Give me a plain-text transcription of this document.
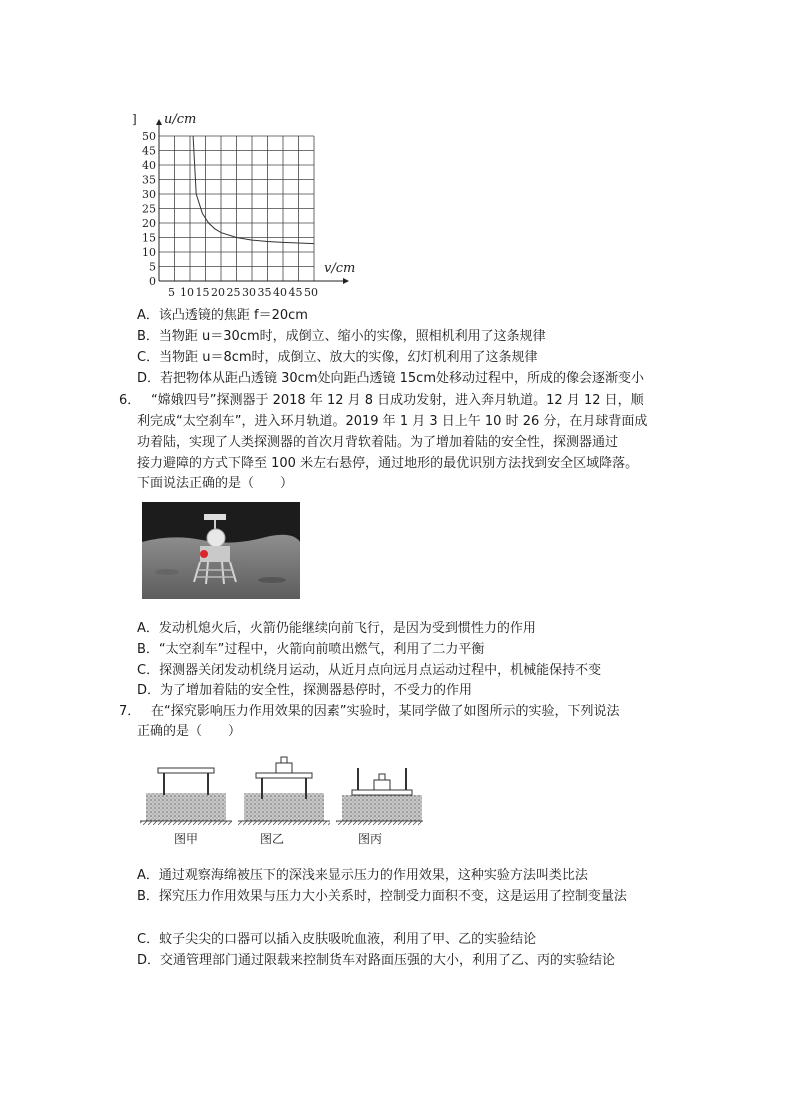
] u/cm
v/cm
50
45
40
35
30
25
20
15
10
5
0
5 10 15 20 25 30 35 40 45 50
A．该凸透镜的焦距 f＝20cm
B．当物距 u＝30cm时，成倒立、缩小的实像，照相机利用了这条规律
C．当物距 u＝8cm时，成倒立、放大的实像，幻灯机利用了这条规律
D．若把物体从距凸透镜 30cm处向距凸透镜 15cm处移动过程中，所成的像会逐渐变小
6． “嫦娥四号”探测器于 2018 年 12 月 8 日成功发射，进入奔月轨道。12 月 12 日，顺
利完成“太空刹车”，进入环月轨道。2019 年 1 月 3 日上午 10 时 26 分，在月球背面成
功着陆，实现了人类探测器的首次月背软着陆。为了增加着陆的安全性，探测器通过
接力避障的方式下降至 100 米左右悬停，通过地形的最优识别方法找到安全区域降落。
下面说法正确的是（　　）
A．发动机熄火后，火箭仍能继续向前飞行，是因为受到惯性力的作用
B．“太空刹车”过程中，火箭向前喷出燃气，利用了二力平衡
C．探测器关闭发动机绕月运动，从近月点向远月点运动过程中，机械能保持不变
D．为了增加着陆的安全性，探测器悬停时，不受力的作用
7． 在“探究影响压力作用效果的因素”实验时，某同学做了如图所示的实验，下列说法
正确的是（　　）
图甲	图乙	图丙
A．通过观察海绵被压下的深浅来显示压力的作用效果，这种实验方法叫类比法
B．探究压力作用效果与压力大小关系时，控制受力面积不变，这是运用了控制变量法
C．蚊子尖尖的口器可以插入皮肤吸吮血液，利用了甲、乙的实验结论
D．交通管理部门通过限载来控制货车对路面压强的大小，利用了乙、丙的实验结论
